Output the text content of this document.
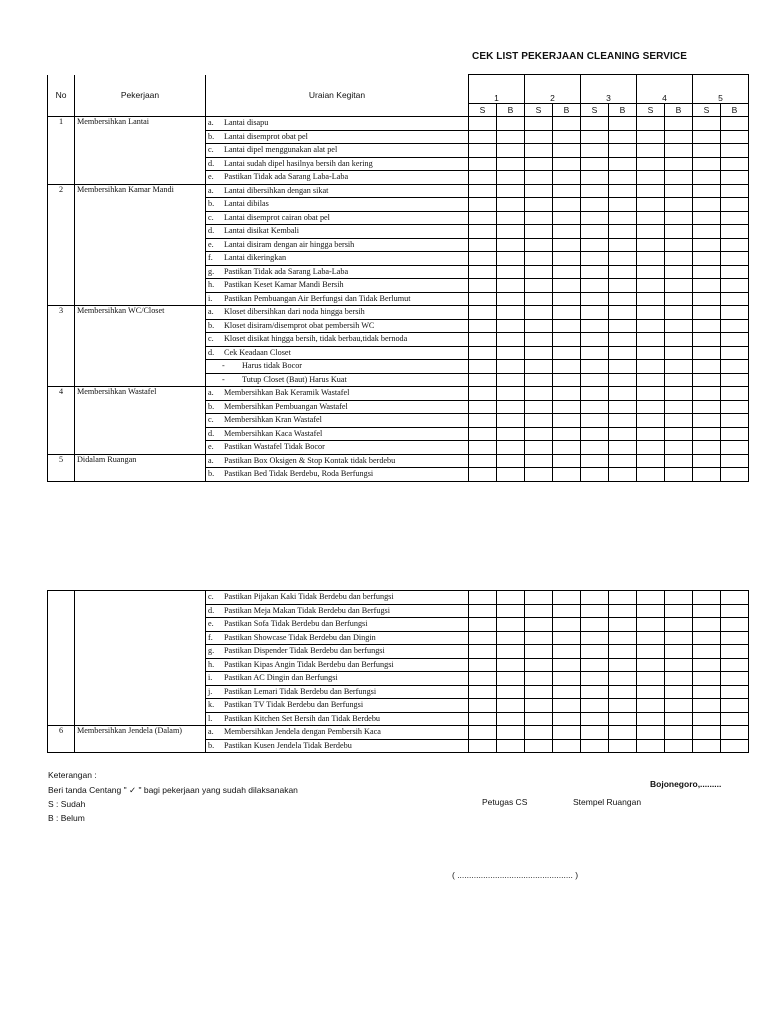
CEK LIST PEKERJAAN CLEANING SERVICE
No	Pekerjaan	Uraian Kegitan	1		2		3		4		5	
			S	B	S	B	S	B	S	B	S	B
1	Membersihkan Lantai	a. Lantai disapu										
		b. Lantai disemprot obat pel										
		c. Lantai dipel menggunakan alat pel										
		d. Lantai sudah dipel hasilnya bersih dan kering										
		e. Pastikan Tidak ada Sarang Laba-Laba										
2	Membersihkan Kamar Mandi	a. Lantai dibersihkan dengan sikat										
		b. Lantai dibilas										
		c. Lantai disemprot cairan obat pel										
		d. Lantai disikat Kembali										
		e. Lantai disiram dengan air hingga bersih										
		f. Lantai dikeringkan										
		g. Pastikan Tidak ada Sarang Laba-Laba										
		h. Pastikan Keset Kamar Mandi Bersih										
		i. Pastikan Pembuangan Air Berfungsi dan Tidak Berlumut										
3	Membersihkan WC/Closet	a. Kloset dibersihkan dari noda hingga bersih										
		b. Kloset disiram/disemprot obat pembersih WC										
		c. Kloset disikat hingga bersih, tidak berbau,tidak bernoda										
		d. Cek Keadaan Closet										
		- Harus tidak Bocor										
		- Tutup Closet (Baut) Harus Kuat										
4	Membersihkan Wastafel	a. Membersihkan Bak Keramik Wastafel										
		b. Membersihkan Pembuangan Wastafel										
		c. Membersihkan Kran Wastafel										
		d. Membersihkan Kaca Wastafel										
		e. Pastikan Wastafel Tidak Bocor										
5	Didalam Ruangan	a. Pastikan Box Oksigen & Stop Kontak tidak berdebu										
		b. Pastikan Bed Tidak Berdebu, Roda Berfungsi										
		c. Pastikan Pijakan Kaki Tidak Berdebu dan berfungsi										
		d. Pastikan Meja Makan Tidak Berdebu dan Berfugsi										
		e. Pastikan Sofa Tidak Berdebu dan Berfungsi										
		f. Pastikan Showcase Tidak Berdebu dan Dingin										
		g. Pastikan Dispender Tidak Berdebu dan berfungsi										
		h. Pastikan Kipas Angin Tidak Berdebu dan Berfungsi										
		i. Pastikan AC Dingin dan Berfungsi										
		j. Pastikan Lemari Tidak Berdebu dan Berfungsi										
		k. Pastikan TV Tidak Berdebu dan Berfungsi										
		l. Pastikan Kitchen Set Bersih dan Tidak Berdebu										
6	Membersihkan Jendela (Dalam)	a. Membersihkan Jendela dengan Pembersih Kaca										
		b. Pastikan Kusen Jendela Tidak Berdebu										
Keterangan :
Beri tanda Centang " ✓ " bagi pekerjaan yang sudah dilaksanakan
S : Sudah
B : Belum
Bojonegoro,.........
Petugas CS	Stempel Ruangan
( ................................................. )
